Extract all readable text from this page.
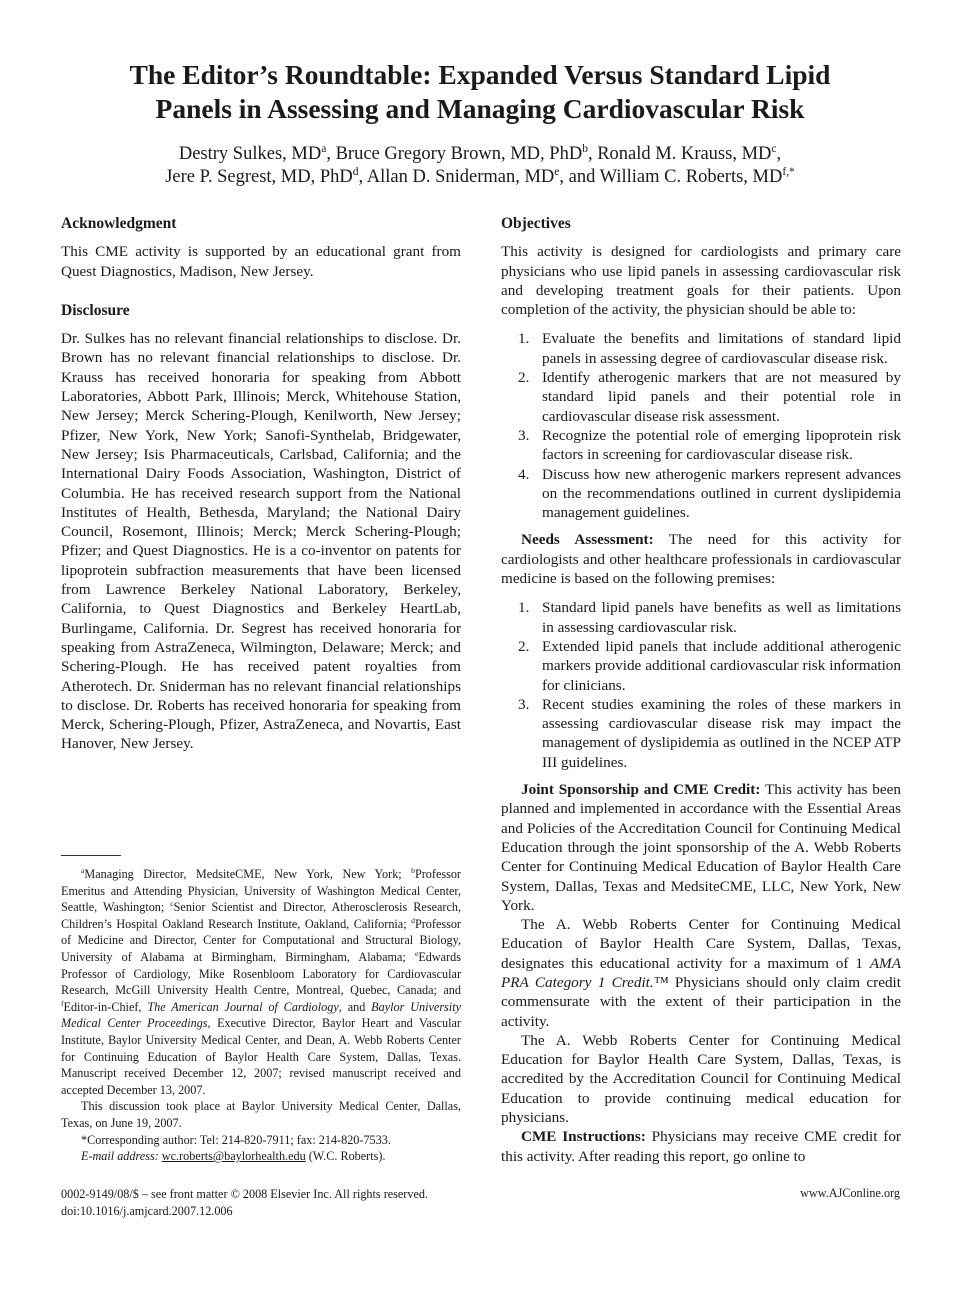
The Editor’s Roundtable: Expanded Versus Standard Lipid
Panels in Assessing and Managing Cardiovascular Risk
Destry Sulkes, $MD^a$, Bruce Gregory Brown, MD, PhD$^b$, Ronald M. Krauss, $MD^c$,
Jere P. Segrest, MD, PhD$^d$, Allan D. Sniderman, MDe, and William C. Roberts, $MD^{f,*}$
Acknowledgment

This CME activity is supported by an educational grant from Quest Diagnostics, Madison, New Jersey.

Disclosure

Dr. Sulkes has no relevant financial relationships to disclose. Dr. Brown has no relevant financial relationships to disclose. Dr. Krauss has received honoraria for speaking from Abbott Laboratories, Abbott Park, Illinois; Merck, Whitehouse Station, New Jersey; Merck Schering-Plough, Kenilworth, New Jersey; Pfizer, New York, New York; Sanofi-Synthelab, Bridgewater, New Jersey; Isis Pharmaceuticals, Carlsbad, California; and the International Dairy Foods Association, Washington, District of Columbia. He has received research support from the National Institutes of Health, Bethesda, Maryland; the National Dairy Council, Rosemont, Illinois; Merck; Merck Schering-Plough; Pfizer; and Quest Diagnostics. He is a co-inventor on patents for lipoprotein subfraction measurements that have been licensed from Lawrence Berkeley National Laboratory, Berkeley, California, to Quest Diagnostics and Berkeley HeartLab, Burlingame, California. Dr. Segrest has received honoraria for speaking from AstraZeneca, Wilmington, Delaware; Merck; and Schering-Plough. He has received patent royalties from Atherotech. Dr. Sniderman has no relevant financial relationships to disclose. Dr. Roberts has received honoraria for speaking from Merck, Schering-Plough, Pfizer, AstraZeneca, and Novartis, East Hanover, New Jersey.

$^a$Managing Director, MedsiteCME, New York, New York; $^b$Professor Emeritus and Attending Physician, University of Washington Medical Center, Seattle, Washington; $^c$Senior Scientist and Director, Atherosclerosis Research, Children’s Hospital Oakland Research Institute, Oakland, California; $^d$Professor of Medicine and Director, Center for Computational and Structural Biology, University of Alabama at Birmingham, Birmingham, Alabama; $^e$Edwards Professor of Cardiology, Mike Rosenbloom Laboratory for Cardiovascular Research, McGill University Health Centre, Montreal, Quebec, Canada; and $^f$Editor-in-Chief, The American Journal of Cardiology, and Baylor University Medical Center Proceedings, Executive Director, Baylor Heart and Vascular Institute, Baylor University Medical Center, and Dean, A. Webb Roberts Center for Continuing Education of Baylor Health Care System, Dallas, Texas. Manuscript received December 12, 2007; revised manuscript received and accepted December 13, 2007.

This discussion took place at Baylor University Medical Center, Dallas, Texas, on June 19, 2007.

*Corresponding author: Tel: 214-820-7911; fax: 214-820-7533.

E-mail address: wc.roberts@baylorhealth.edu (W.C. Roberts).

Objectives

This activity is designed for cardiologists and primary care physicians who use lipid panels in assessing cardiovascular risk and developing treatment goals for their patients. Upon completion of the activity, the physician should be able to:

1. Evaluate the benefits and limitations of standard lipid panels in assessing degree of cardiovascular disease risk.
2. Identify atherogenic markers that are not measured by standard lipid panels and their potential role in cardiovascular disease risk assessment.
3. Recognize the potential role of emerging lipoprotein risk factors in screening for cardiovascular disease risk.
4. Discuss how new atherogenic markers represent advances on the recommendations outlined in current dyslipidemia management guidelines.

Needs Assessment: The need for this activity for cardiologists and other healthcare professionals in cardiovascular medicine is based on the following premises:

1. Standard lipid panels have benefits as well as limitations in assessing cardiovascular risk.
2. Extended lipid panels that include additional atherogenic markers provide additional cardiovascular risk information for clinicians.
3. Recent studies examining the roles of these markers in assessing cardiovascular disease risk may impact the management of dyslipidemia as outlined in the NCEP ATP III guidelines.

Joint Sponsorship and CME Credit: This activity has been planned and implemented in accordance with the Essential Areas and Policies of the Accreditation Council for Continuing Medical Education through the joint sponsorship of the A. Webb Roberts Center for Continuing Medical Education of Baylor Health Care System, Dallas, Texas and MedsiteCME, LLC, New York, New York.

The A. Webb Roberts Center for Continuing Medical Education of Baylor Health Care System, Dallas, Texas, designates this educational activity for a maximum of 1 AMA PRA Category 1 Credit.™ Physicians should only claim credit commensurate with the extent of their participation in the activity.

The A. Webb Roberts Center for Continuing Medical Education for Baylor Health Care System, Dallas, Texas, is accredited by the Accreditation Council for Continuing Medical Education to provide continuing medical education for physicians.

CME Instructions: Physicians may receive CME credit for this activity. After reading this report, go online to

0002-9149/08/$ – see front matter © 2008 Elsevier Inc. All rights reserved.
doi:10.1016/j.amjcard.2007.12.006
www.AJConline.org
